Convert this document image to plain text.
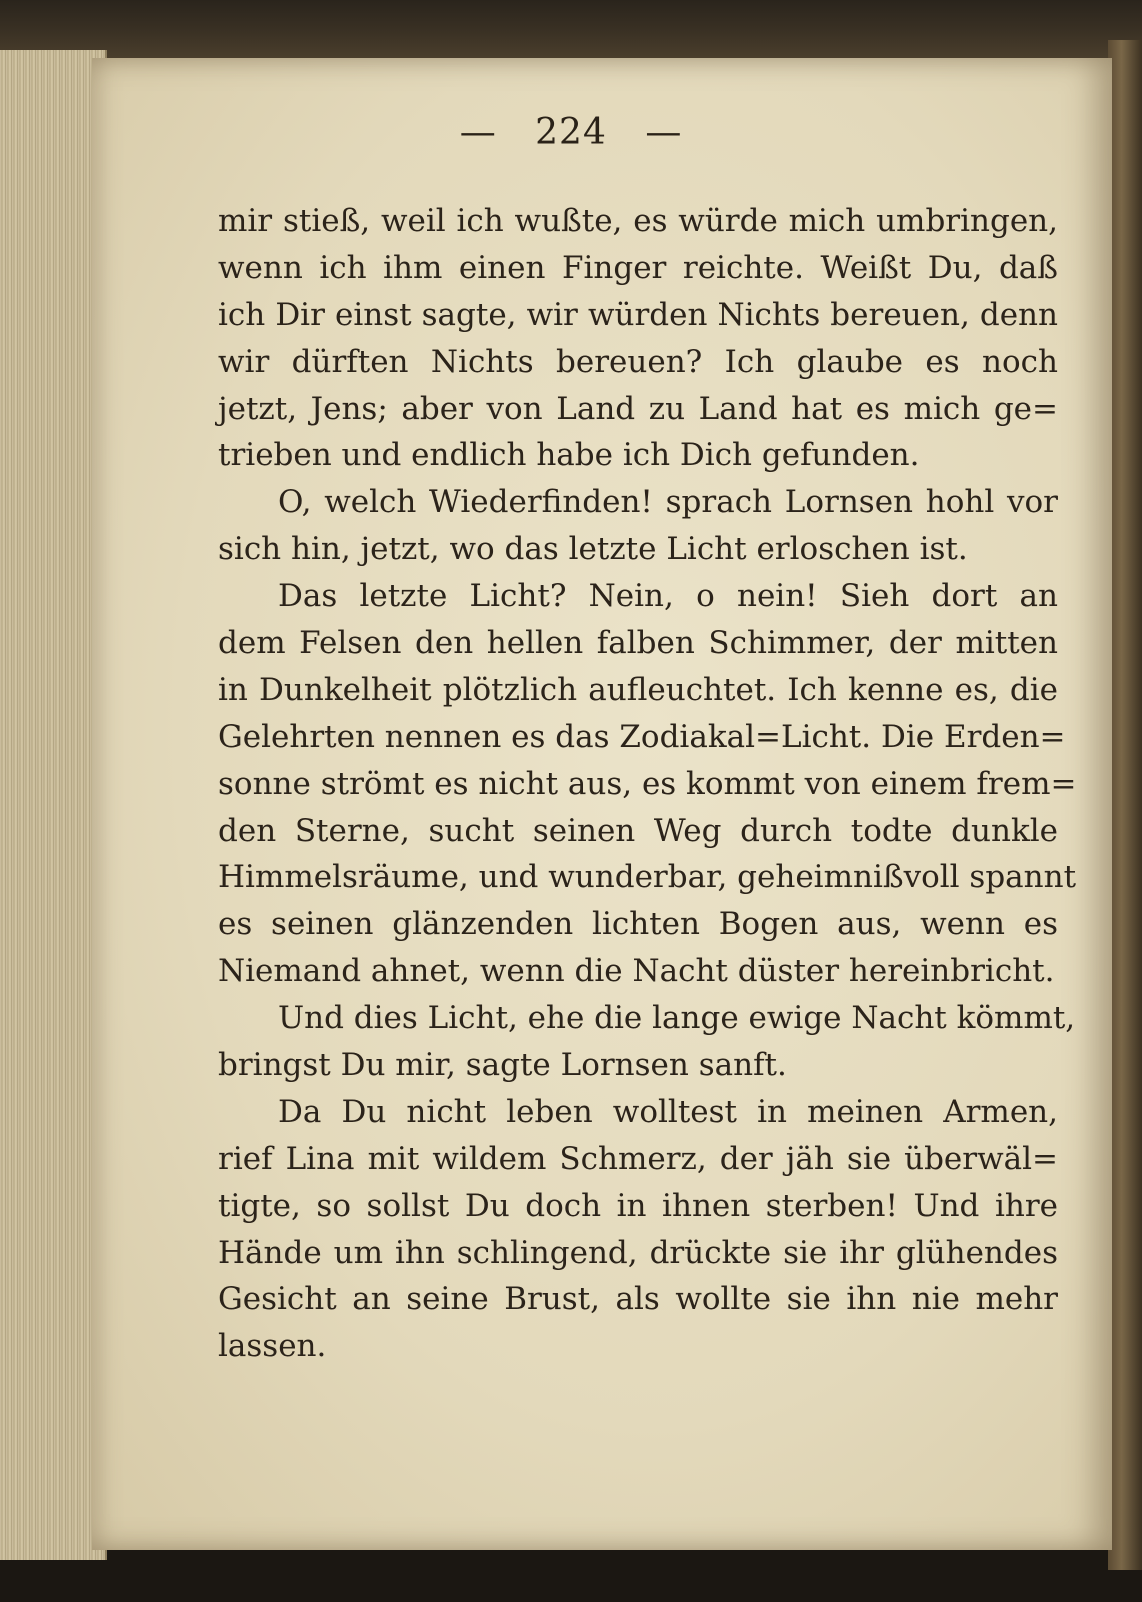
— 224 —
mir stieß, weil ich wußte, es würde mich umbringen,
wenn ich ihm einen Finger reichte. Weißt Du, daß
ich Dir einst sagte, wir würden Nichts bereuen, denn
wir dürften Nichts bereuen? Ich glaube es noch
jetzt, Jens; aber von Land zu Land hat es mich ge=
trieben und endlich habe ich Dich gefunden.
O, welch Wiederfinden! sprach Lornsen hohl vor
sich hin, jetzt, wo das letzte Licht erloschen ist.
Das letzte Licht? Nein, o nein! Sieh dort an
dem Felsen den hellen falben Schimmer, der mitten
in Dunkelheit plötzlich aufleuchtet. Ich kenne es, die
Gelehrten nennen es das Zodiakal=Licht. Die Erden=
sonne strömt es nicht aus, es kommt von einem frem=
den Sterne, sucht seinen Weg durch todte dunkle
Himmelsräume, und wunderbar, geheimnißvoll spannt
es seinen glänzenden lichten Bogen aus, wenn es
Niemand ahnet, wenn die Nacht düster hereinbricht.
Und dies Licht, ehe die lange ewige Nacht kömmt,
bringst Du mir, sagte Lornsen sanft.
Da Du nicht leben wolltest in meinen Armen,
rief Lina mit wildem Schmerz, der jäh sie überwäl=
tigte, so sollst Du doch in ihnen sterben! Und ihre
Hände um ihn schlingend, drückte sie ihr glühendes
Gesicht an seine Brust, als wollte sie ihn nie mehr
lassen.
